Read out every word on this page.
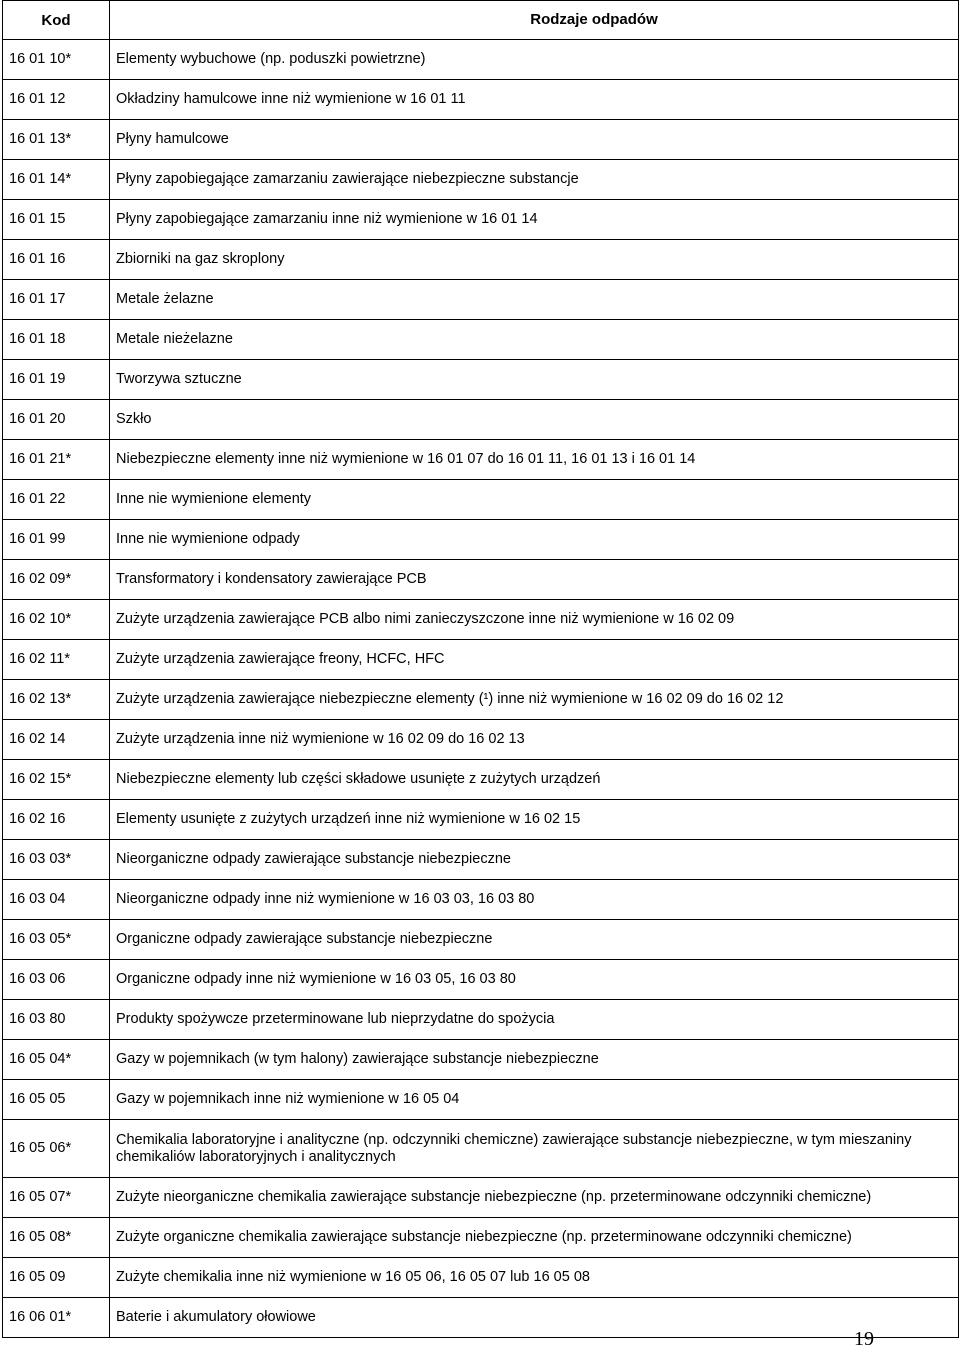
Kod	Rodzaje odpadów
16 01 10*	Elementy wybuchowe (np. poduszki powietrzne)
16 01 12	Okładziny hamulcowe inne niż wymienione w 16 01 11
16 01 13*	Płyny hamulcowe
16 01 14*	Płyny zapobiegające zamarzaniu zawierające niebezpieczne substancje
16 01 15	Płyny zapobiegające zamarzaniu inne niż wymienione w 16 01 14
16 01 16	Zbiorniki na gaz skroplony
16 01 17	Metale żelazne
16 01 18	Metale nieżelazne
16 01 19	Tworzywa sztuczne
16 01 20	Szkło
16 01 21*	Niebezpieczne elementy inne niż wymienione w 16 01 07 do 16 01 11, 16 01 13 i 16 01 14
16 01 22	Inne nie wymienione elementy
16 01 99	Inne nie wymienione odpady
16 02 09*	Transformatory i kondensatory zawierające PCB
16 02 10*	Zużyte urządzenia zawierające PCB albo nimi zanieczyszczone inne niż wymienione w 16 02 09
16 02 11*	Zużyte urządzenia zawierające freony, HCFC, HFC
16 02 13*	Zużyte urządzenia zawierające niebezpieczne elementy (¹) inne niż wymienione w 16 02 09 do 16 02 12
16 02 14	Zużyte urządzenia inne niż wymienione w 16 02 09 do 16 02 13
16 02 15*	Niebezpieczne elementy lub części składowe usunięte z zużytych urządzeń
16 02 16	Elementy usunięte z zużytych urządzeń inne niż wymienione w 16 02 15
16 03 03*	Nieorganiczne odpady zawierające substancje niebezpieczne
16 03 04	Nieorganiczne odpady inne niż wymienione w 16 03 03, 16 03 80
16 03 05*	Organiczne odpady zawierające substancje niebezpieczne
16 03 06	Organiczne odpady inne niż wymienione w 16 03 05, 16 03 80
16 03 80	Produkty spożywcze przeterminowane lub nieprzydatne do spożycia
16 05 04*	Gazy w pojemnikach (w tym halony) zawierające substancje niebezpieczne
16 05 05	Gazy w pojemnikach inne niż wymienione w 16 05 04
16 05 06*	Chemikalia laboratoryjne i analityczne (np. odczynniki chemiczne) zawierające substancje niebezpieczne, w tym mieszaniny chemikaliów laboratoryjnych i analitycznych
16 05 07*	Zużyte nieorganiczne chemikalia zawierające substancje niebezpieczne (np. przeterminowane odczynniki chemiczne)
16 05 08*	Zużyte organiczne chemikalia zawierające substancje niebezpieczne (np. przeterminowane odczynniki chemiczne)
16 05 09	Zużyte chemikalia inne niż wymienione w 16 05 06, 16 05 07 lub 16 05 08
16 06 01*	Baterie i akumulatory ołowiowe
19
